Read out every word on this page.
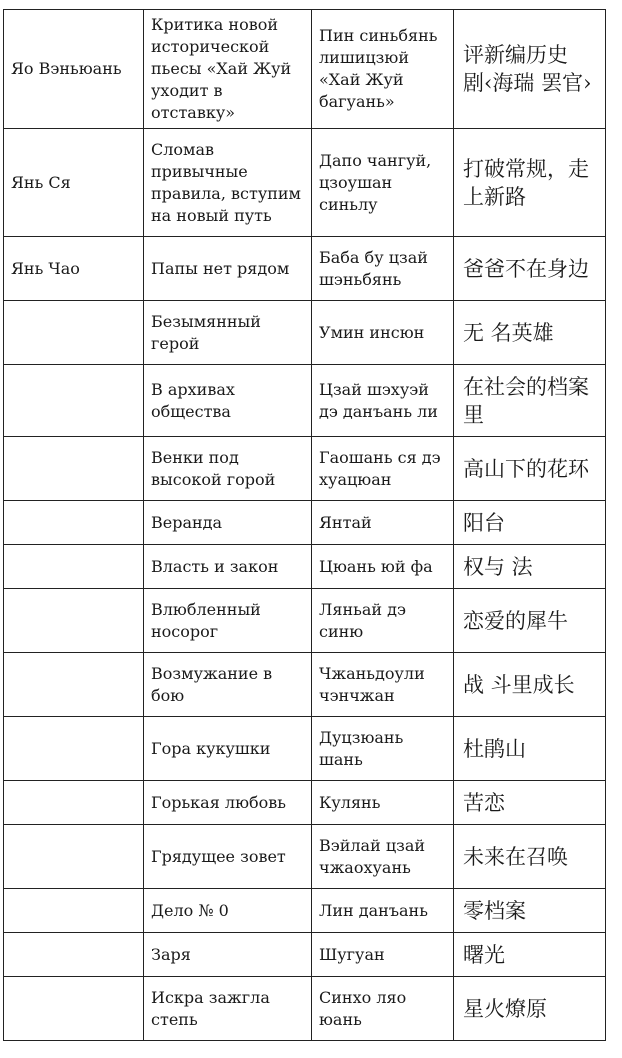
Яо Вэньюань	Критика новой исторической пьесы «Хай Жуй уходит в отставку»	Пин синьбянь лишицзюй «Хай Жуй багуань»	评新编历史剧‹海瑞 罢官›
Янь Ся	Сломав привычные правила, вступим на новый путь	Дапо чангуй, цзоушан синьлу	打破常规，走上新路
Янь Чао	Папы нет рядом	Баба бу цзай шэньбянь	爸爸不在身边
	Безымянный герой	Умин инсюн	无 名英雄
	В архивах общества	Цзай шэхуэй дэ данъань ли	在社会的档案里
	Венки под высокой горой	Гаошань ся дэ хуацюан	高山下的花环
	Веранда	Янтай	阳台
	Власть и закон	Цюань юй фа	权与 法
	Влюбленный носорог	Ляньай дэ синю	恋爱的犀牛
	Возмужание в бою	Чжаньдоули чэнчжан	战 斗里成长
	Гора кукушки	Дуцзюань шань	杜鹃山
	Горькая любовь	Кулянь	苦恋
	Грядущее зовет	Вэйлай цзай чжаохуань	未来在召唤
	Дело № 0	Лин данъань	零档案
	Заря	Шугуан	曙光
	Искра зажгла степь	Синхо ляо юань	星火燎原
